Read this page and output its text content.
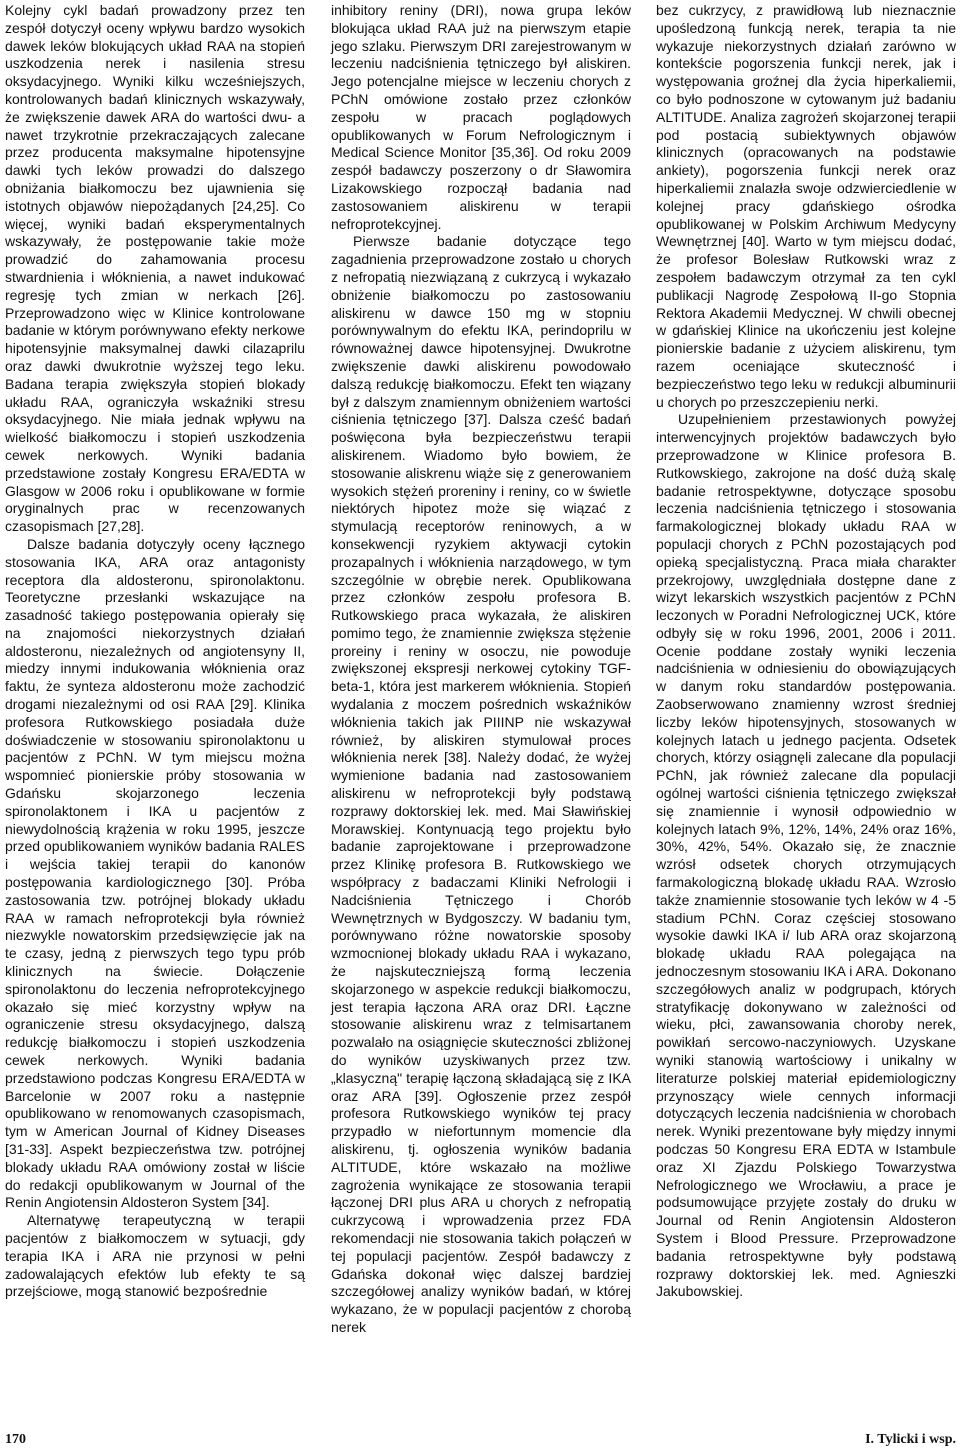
Kolejny cykl badań prowadzony przez ten zespół dotyczył oceny wpływu bardzo wysokich dawek leków blokujących układ RAA na stopień uszkodzenia nerek i nasilenia stresu oksydacyjnego. Wyniki kilku wcześniejszych, kontrolowanych badań klinicznych wskazywały, że zwiększenie dawek ARA do wartości dwu- a nawet trzykrotnie przekraczających zalecane przez producenta maksymalne hipotensyjne dawki tych leków prowadzi do dalszego obniżania białkomoczu bez ujawnienia się istotnych objawów niepożądanych [24,25]. Co więcej, wyniki badań eksperymentalnych wskazywały, że postępowanie takie może prowadzić do zahamowania procesu stwardnienia i włóknienia, a nawet indukować regresję tych zmian w nerkach [26]. Przeprowadzono więc w Klinice kontrolowane badanie w którym porównywano efekty nerkowe hipotensyjnie maksymalnej dawki cilazaprilu oraz dawki dwukrotnie wyższej tego leku. Badana terapia zwiększyła stopień blokady układu RAA, ograniczyła wskaźniki stresu oksydacyjnego. Nie miała jednak wpływu na wielkość białkomoczu i stopień uszkodzenia cewek nerkowych. Wyniki badania przedstawione zostały Kongresu ERA/EDTA w Glasgow w 2006 roku i opublikowane w formie oryginalnych prac w recenzowanych czasopismach [27,28].

Dalsze badania dotyczyły oceny łącznego stosowania IKA, ARA oraz antagonisty receptora dla aldosteronu, spironolaktonu. Teoretyczne przesłanki wskazujące na zasadność takiego postępowania opierały się na znajomości niekorzystnych działań aldosteronu, niezależnych od angiotensyny II, miedzy innymi indukowania włóknienia oraz faktu, że synteza aldosteronu może zachodzić drogami niezależnymi od osi RAA [29]. Klinika profesora Rutkowskiego posiadała duże doświadczenie w stosowaniu spironolaktonu u pacjentów z PChN. W tym miejscu można wspomnieć pionierskie próby stosowania w Gdańsku skojarzonego leczenia spironolaktonem i IKA u pacjentów z niewydolnością krążenia w roku 1995, jeszcze przed opublikowaniem wyników badania RALES i wejścia takiej terapii do kanonów postępowania kardiologicznego [30]. Próba zastosowania tzw. potrójnej blokady układu RAA w ramach nefroprotekcji była również niezwykle nowatorskim przedsięwzięcie jak na te czasy, jedną z pierwszych tego typu prób klinicznych na świecie. Dołączenie spironolaktonu do leczenia nefroprotekcyjnego okazało się mieć korzystny wpływ na ograniczenie stresu oksydacyjnego, dalszą redukcję białkomoczu i stopień uszkodzenia cewek nerkowych. Wyniki badania przedstawiono podczas Kongresu ERA/EDTA w Barcelonie w 2007 roku a następnie opublikowano w renomowanych czasopismach, tym w American Journal of Kidney Diseases [31-33]. Aspekt bezpieczeństwa tzw. potrójnej blokady układu RAA omówiony został w liście do redakcji opublikowanym w Journal of the Renin Angiotensin Aldosteron System [34].

Alternatywę terapeutyczną w terapii pacjentów z białkomoczem w sytuacji, gdy terapia IKA i ARA nie przynosi w pełni zadowalających efektów lub efekty te są przejściowe, mogą stanowić bezpośrednie

inhibitory reniny (DRI), nowa grupa leków blokująca układ RAA już na pierwszym etapie jego szlaku. Pierwszym DRI zarejestrowanym w leczeniu nadciśnienia tętniczego był aliskiren. Jego potencjalne miejsce w leczeniu chorych z PChN omówione zostało przez członków zespołu w pracach poglądowych opublikowanych w Forum Nefrologicznym i Medical Science Monitor [35,36]. Od roku 2009 zespół badawczy poszerzony o dr Sławomira Lizakowskiego rozpoczął badania nad zastosowaniem aliskirenu w terapii nefroprotekcyjnej.

Pierwsze badanie dotyczące tego zagadnienia przeprowadzone zostało u chorych z nefropatią niezwiązaną z cukrzycą i wykazało obniżenie białkomoczu po zastosowaniu aliskirenu w dawce 150 mg w stopniu porównywalnym do efektu IKA, perindoprilu w równoważnej dawce hipotensyjnej. Dwukrotne zwiększenie dawki aliskirenu powodowało dalszą redukcję białkomoczu. Efekt ten wiązany był z dalszym znamiennym obniżeniem wartości ciśnienia tętniczego [37]. Dalsza cześć badań poświęcona była bezpieczeństwu terapii aliskirenem. Wiadomo było bowiem, że stosowanie aliskrenu wiąże się z generowaniem wysokich stężeń proreniny i reniny, co w świetle niektórych hipotez może się wiązać z stymulacją receptorów reninowych, a w konsekwencji ryzykiem aktywacji cytokin prozapalnych i włóknienia narządowego, w tym szczególnie w obrębie nerek. Opublikowana przez członków zespołu profesora B. Rutkowskiego praca wykazała, że aliskiren pomimo tego, że znamiennie zwiększa stężenie proreiny i reniny w osoczu, nie powoduje zwiększonej ekspresji nerkowej cytokiny TGF-beta-1, która jest markerem włóknienia. Stopień wydalania z moczem pośrednich wskaźników włóknienia takich jak PIIINP nie wskazywał również, by aliskiren stymulował proces włóknienia nerek [38]. Należy dodać, że wyżej wymienione badania nad zastosowaniem aliskirenu w nefroprotekcji były podstawą rozprawy doktorskiej lek. med. Mai Sławińskiej Morawskiej. Kontynuacją tego projektu było badanie zaprojektowane i przeprowadzone przez Klinikę profesora B. Rutkowskiego we współpracy z badaczami Kliniki Nefrologii i Nadciśnienia Tętniczego i Chorób Wewnętrznych w Bydgoszczy. W badaniu tym, porównywano różne nowatorskie sposoby wzmocnionej blokady układu RAA i wykazano, że najskuteczniejszą formą leczenia skojarzonego w aspekcie redukcji białkomoczu, jest terapia łączona ARA oraz DRI. Łączne stosowanie aliskirenu wraz z telmisartanem pozwalało na osiągnięcie skuteczności zbliżonej do wyników uzyskiwanych przez tzw. „klasyczną" terapię łączoną składającą się z IKA oraz ARA [39]. Ogłoszenie przez zespół profesora Rutkowskiego wyników tej pracy przypadło w niefortunnym momencie dla aliskirenu, tj. ogłoszenia wyników badania ALTITUDE, które wskazało na możliwe zagrożenia wynikające ze stosowania terapii łączonej DRI plus ARA u chorych z nefropatią cukrzycową i wprowadzenia przez FDA rekomendacji nie stosowania takich połączeń w tej populacji pacjentów. Zespół badawczy z Gdańska dokonał więc dalszej bardziej szczegółowej analizy wyników badań, w której wykazano, że w populacji pacjentów z chorobą nerek

bez cukrzycy, z prawidłową lub nieznacznie upośledzoną funkcją nerek, terapia ta nie wykazuje niekorzystnych działań zarówno w kontekście pogorszenia funkcji nerek, jak i występowania groźnej dla życia hiperkaliemii, co było podnoszone w cytowanym już badaniu ALTITUDE. Analiza zagrożeń skojarzonej terapii pod postacią subiektywnych objawów klinicznych (opracowanych na podstawie ankiety), pogorszenia funkcji nerek oraz hiperkaliemii znalazła swoje odzwierciedlenie w kolejnej pracy gdańskiego ośrodka opublikowanej w Polskim Archiwum Medycyny Wewnętrznej [40]. Warto w tym miejscu dodać, że profesor Bolesław Rutkowski wraz z zespołem badawczym otrzymał za ten cykl publikacji Nagrodę Zespołową II-go Stopnia Rektora Akademii Medycznej. W chwili obecnej w gdańskiej Klinice na ukończeniu jest kolejne pionierskie badanie z użyciem aliskirenu, tym razem oceniające skuteczność i bezpieczeństwo tego leku w redukcji albuminurii u chorych po przeszczepieniu nerki.

Uzupełnieniem przestawionych powyżej interwencyjnych projektów badawczych było przeprowadzone w Klinice profesora B. Rutkowskiego, zakrojone na dość dużą skalę badanie retrospektywne, dotyczące sposobu leczenia nadciśnienia tętniczego i stosowania farmakologicznej blokady układu RAA w populacji chorych z PChN pozostających pod opieką specjalistyczną. Praca miała charakter przekrojowy, uwzględniała dostępne dane z wizyt lekarskich wszystkich pacjentów z PChN leczonych w Poradni Nefrologicznej UCK, które odbyły się w roku 1996, 2001, 2006 i 2011. Ocenie poddane zostały wyniki leczenia nadciśnienia w odniesieniu do obowiązujących w danym roku standardów postępowania. Zaobserwowano znamienny wzrost średniej liczby leków hipotensyjnych, stosowanych w kolejnych latach u jednego pacjenta. Odsetek chorych, którzy osiągnęli zalecane dla populacji PChN, jak również zalecane dla populacji ogólnej wartości ciśnienia tętniczego zwiększał się znamiennie i wynosił odpowiednio w kolejnych latach 9%, 12%, 14%, 24% oraz 16%, 30%, 42%, 54%. Okazało się, że znacznie wzrósł odsetek chorych otrzymujących farmakologiczną blokadę układu RAA. Wzrosło także znamiennie stosowanie tych leków w 4 -5 stadium PChN. Coraz częściej stosowano wysokie dawki IKA i/ lub ARA oraz skojarzoną blokadę układu RAA polegająca na jednoczesnym stosowaniu IKA i ARA. Dokonano szczegółowych analiz w podgrupach, których stratyfikację dokonywano w zależności od wieku, płci, zawansowania choroby nerek, powikłań sercowo-naczyniowych. Uzyskane wyniki stanowią wartościowy i unikalny w literaturze polskiej materiał epidemiologiczny przynoszący wiele cennych informacji dotyczących leczenia nadciśnienia w chorobach nerek. Wyniki prezentowane były między innymi podczas 50 Kongresu ERA EDTA w Istambule oraz XI Zjazdu Polskiego Towarzystwa Nefrologicznego we Wrocławiu, a prace je podsumowujące przyjęte zostały do druku w Journal od Renin Angiotensin Aldosteron System i Blood Pressure. Przeprowadzone badania retrospektywne były podstawą rozprawy doktorskiej lek. med. Agnieszki Jakubowskiej.

170	I. Tylicki i wsp.
